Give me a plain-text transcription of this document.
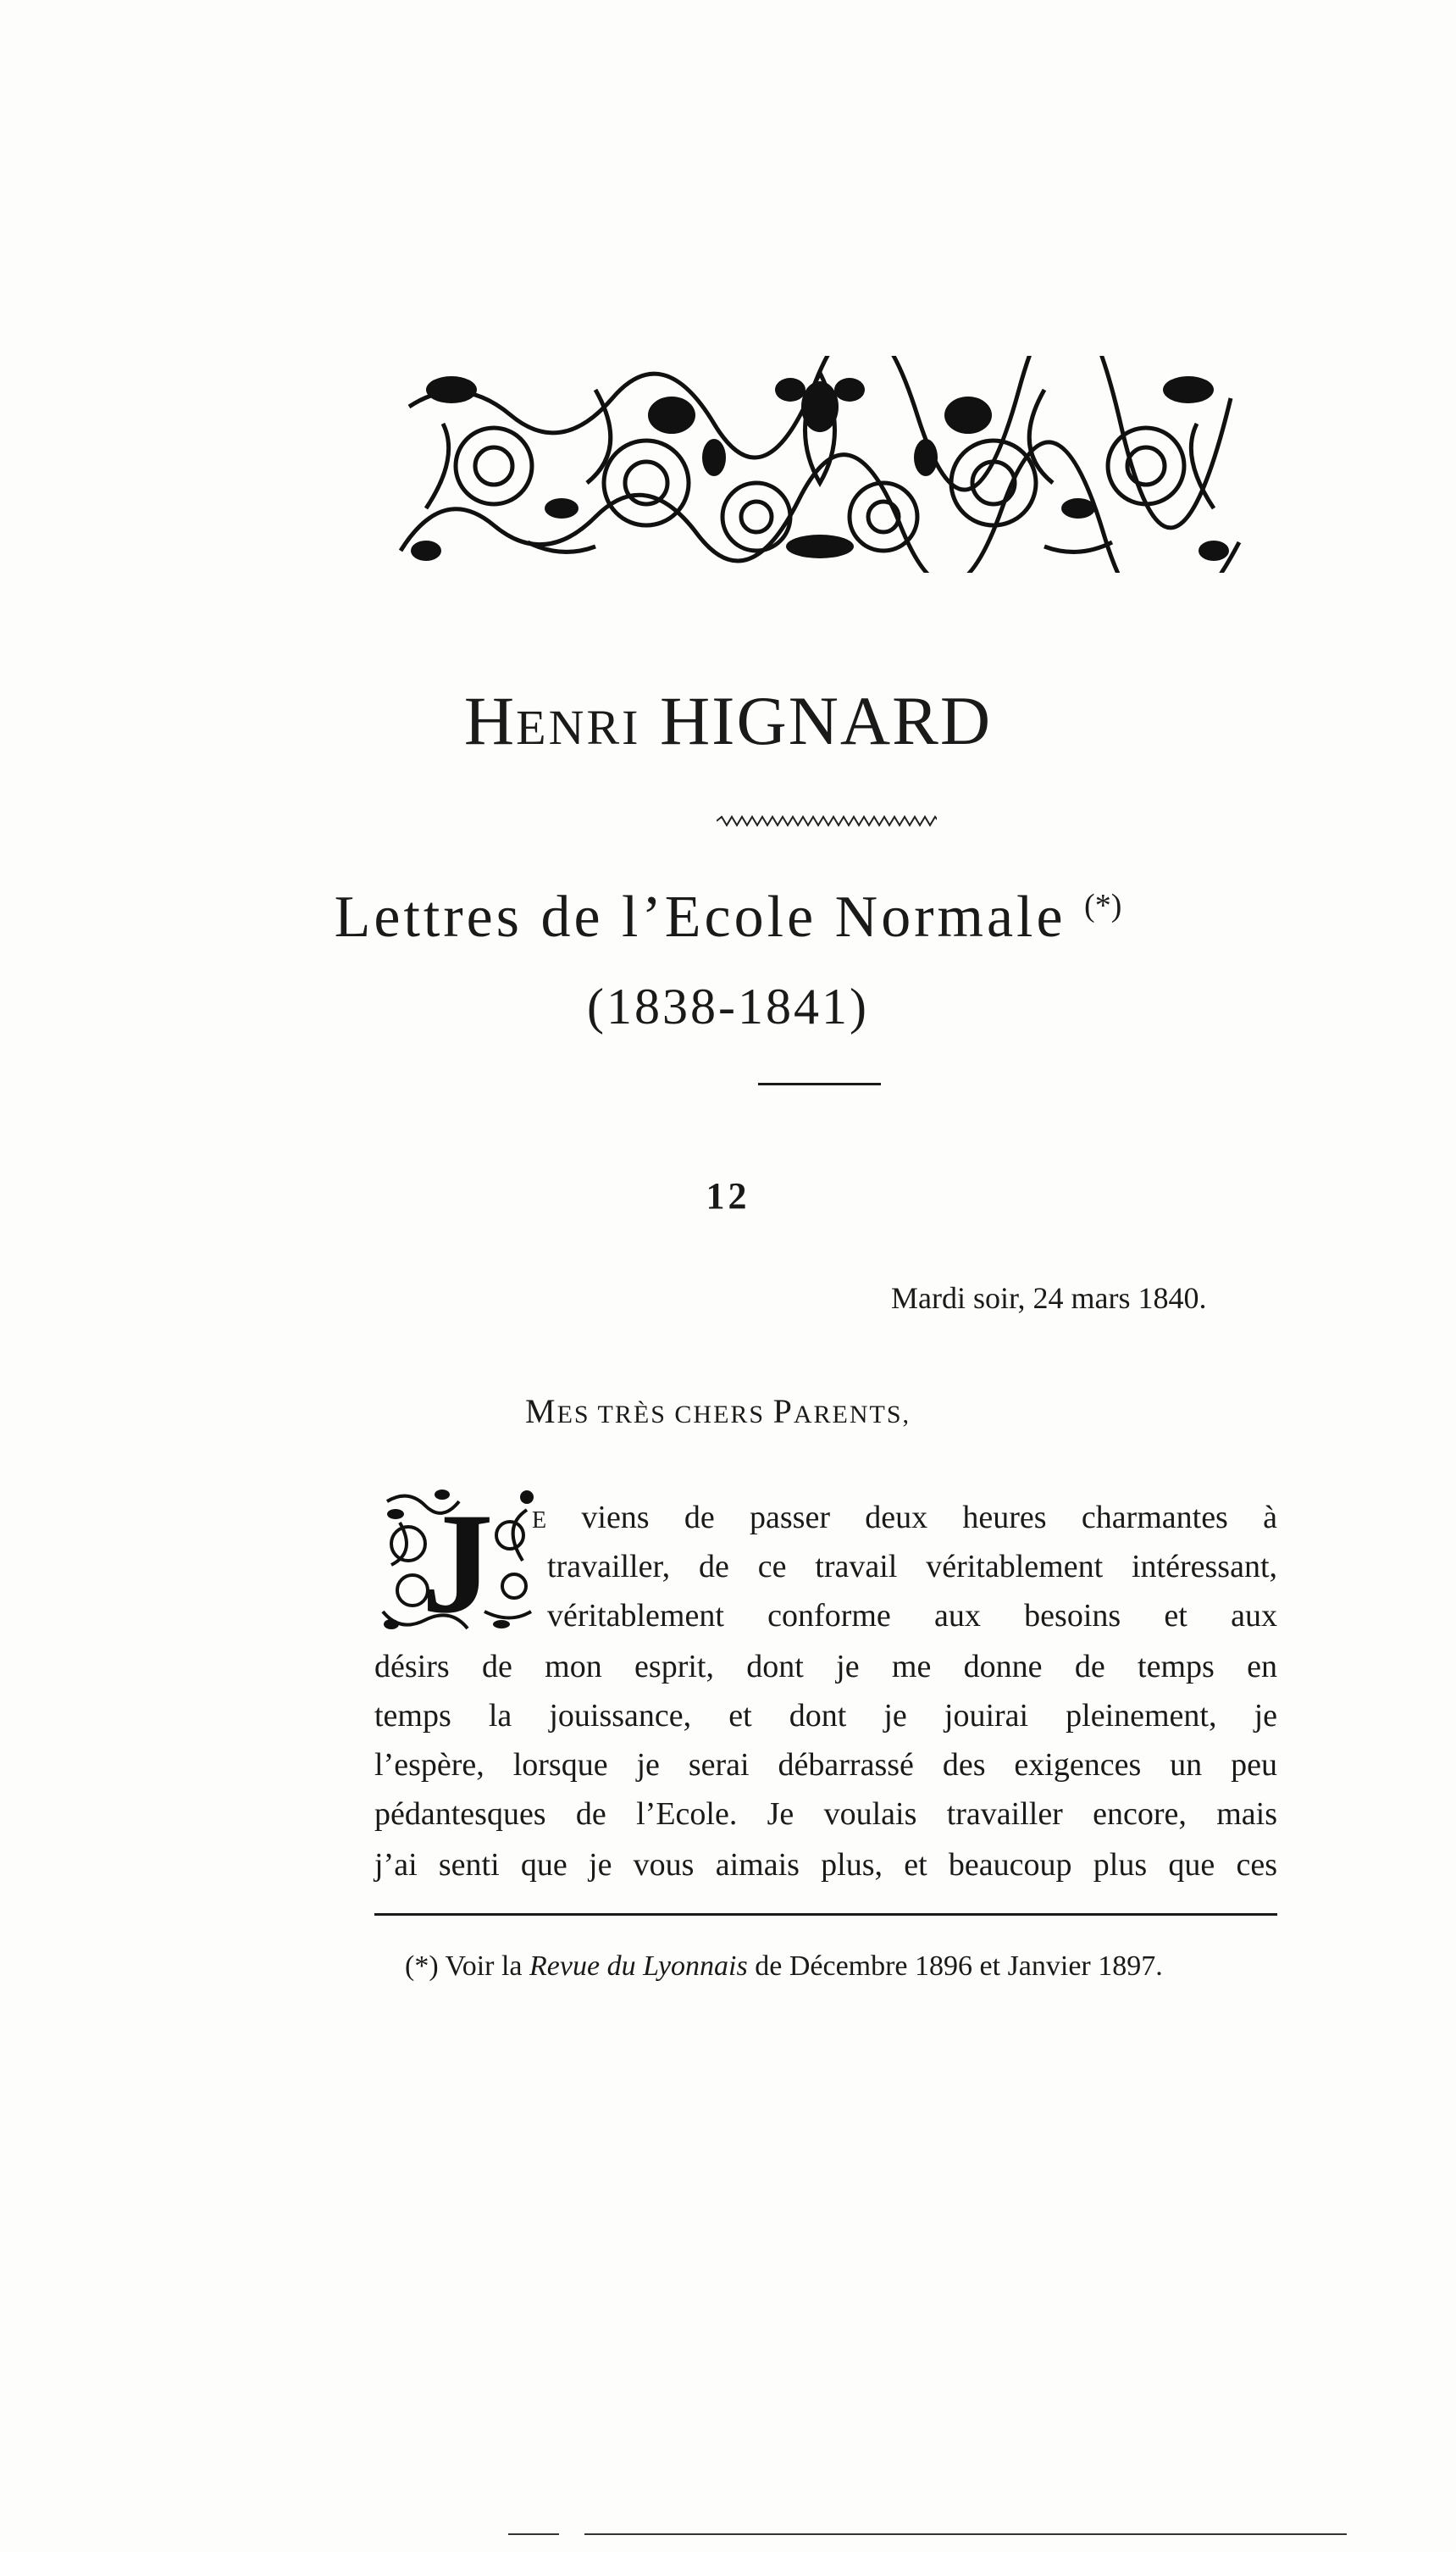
HENRI HIGNARD
Lettres de l’Ecole Normale (*)
(1838-1841)
12
Mardi soir, 24 mars 1840.
MES TRÈS CHERS PARENTS,
J E viens de passer deux heures charmantes à
travailler, de ce travail véritablement intéressant,
véritablement conforme aux besoins et aux
désirs de mon esprit, dont je me donne de temps en
temps la jouissance, et dont je jouirai pleinement, je
l’espère, lorsque je serai débarrassé des exigences un peu
pédantesques de l’Ecole. Je voulais travailler encore, mais
j’ai senti que je vous aimais plus, et beaucoup plus que ces
(*) Voir la Revue du Lyonnais de Décembre 1896 et Janvier 1897.
